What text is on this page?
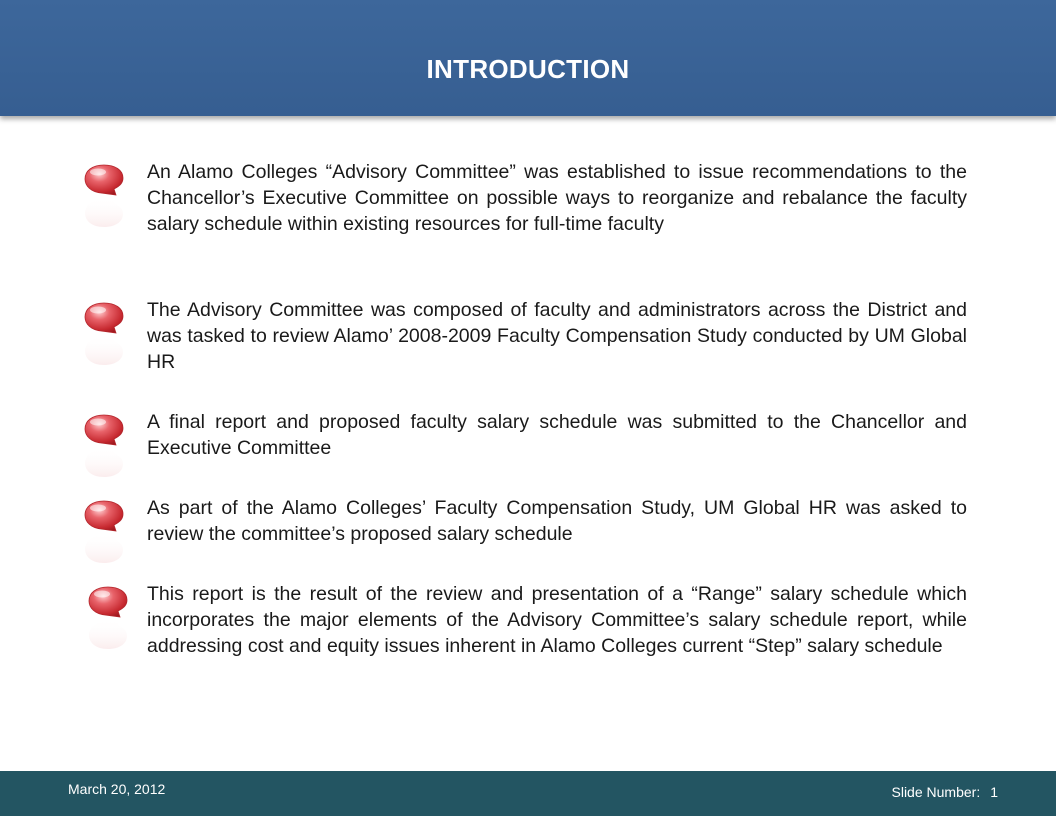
INTRODUCTION

An Alamo Colleges “Advisory Committee” was established to issue recommendations to the Chancellor’s Executive Committee on possible ways to reorganize and rebalance the faculty salary schedule within existing resources for full-time faculty

The Advisory Committee was composed of faculty and administrators across the District and was tasked to review Alamo’ 2008-2009 Faculty Compensation Study conducted by UM Global HR

A final report and proposed faculty salary schedule was submitted to the Chancellor and Executive Committee

As part of the Alamo Colleges’ Faculty Compensation Study, UM Global HR was asked to review the committee’s proposed salary schedule

This report is the result of the review and presentation of a “Range” salary schedule which incorporates the major elements of the Advisory Committee’s salary schedule report, while addressing cost and equity issues inherent in Alamo Colleges current “Step” salary schedule

March 20, 2012	Slide Number: 1
